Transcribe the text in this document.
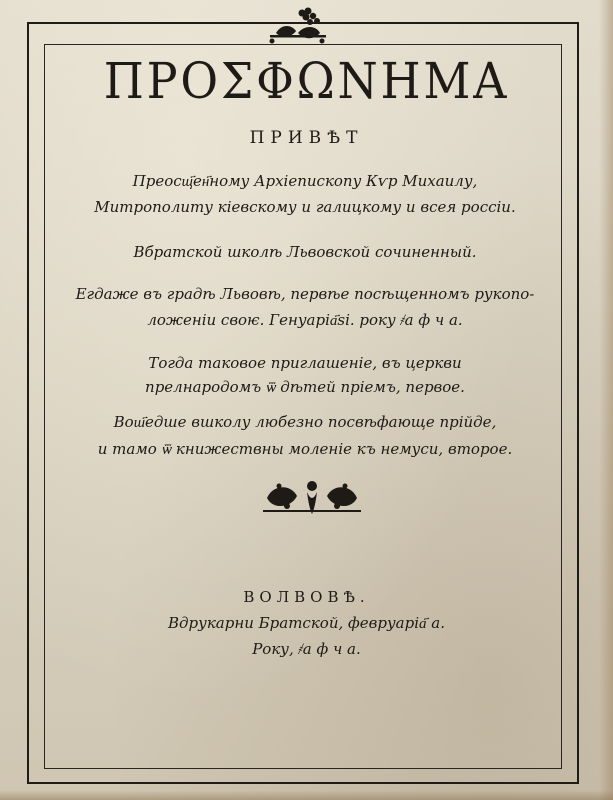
ΠΡΟΣΦΩΝΗΜΑ
ПРИВѢТ
Преосщ҃ен҃ному Архіепископу Кѵр Михаилу,
Митрополиту кіевскому и галицкому и всея россіи.
Вбратской школѣ Львовской сочиненный.
Егдаже въ градѣ Львовѣ, первѣе посѣщенномъ рукопо-
ложеніи своѥ. Генуаріа҃ѕі. року ҂а ф ч а.
Тогда таковое приглашеніе, въ церкви
прелнародомъ ѿ дѣтей пріемъ, первое.
Вош҃едше вшколу любезно посвѣфающе прійде,
и тамо ѿ книжествны моленіе къ немуси, второе.
ВОЛВОВѢ.
Вдрукарни Братской, февруаріа҃ а.
Року, ҂а ф ч а.
